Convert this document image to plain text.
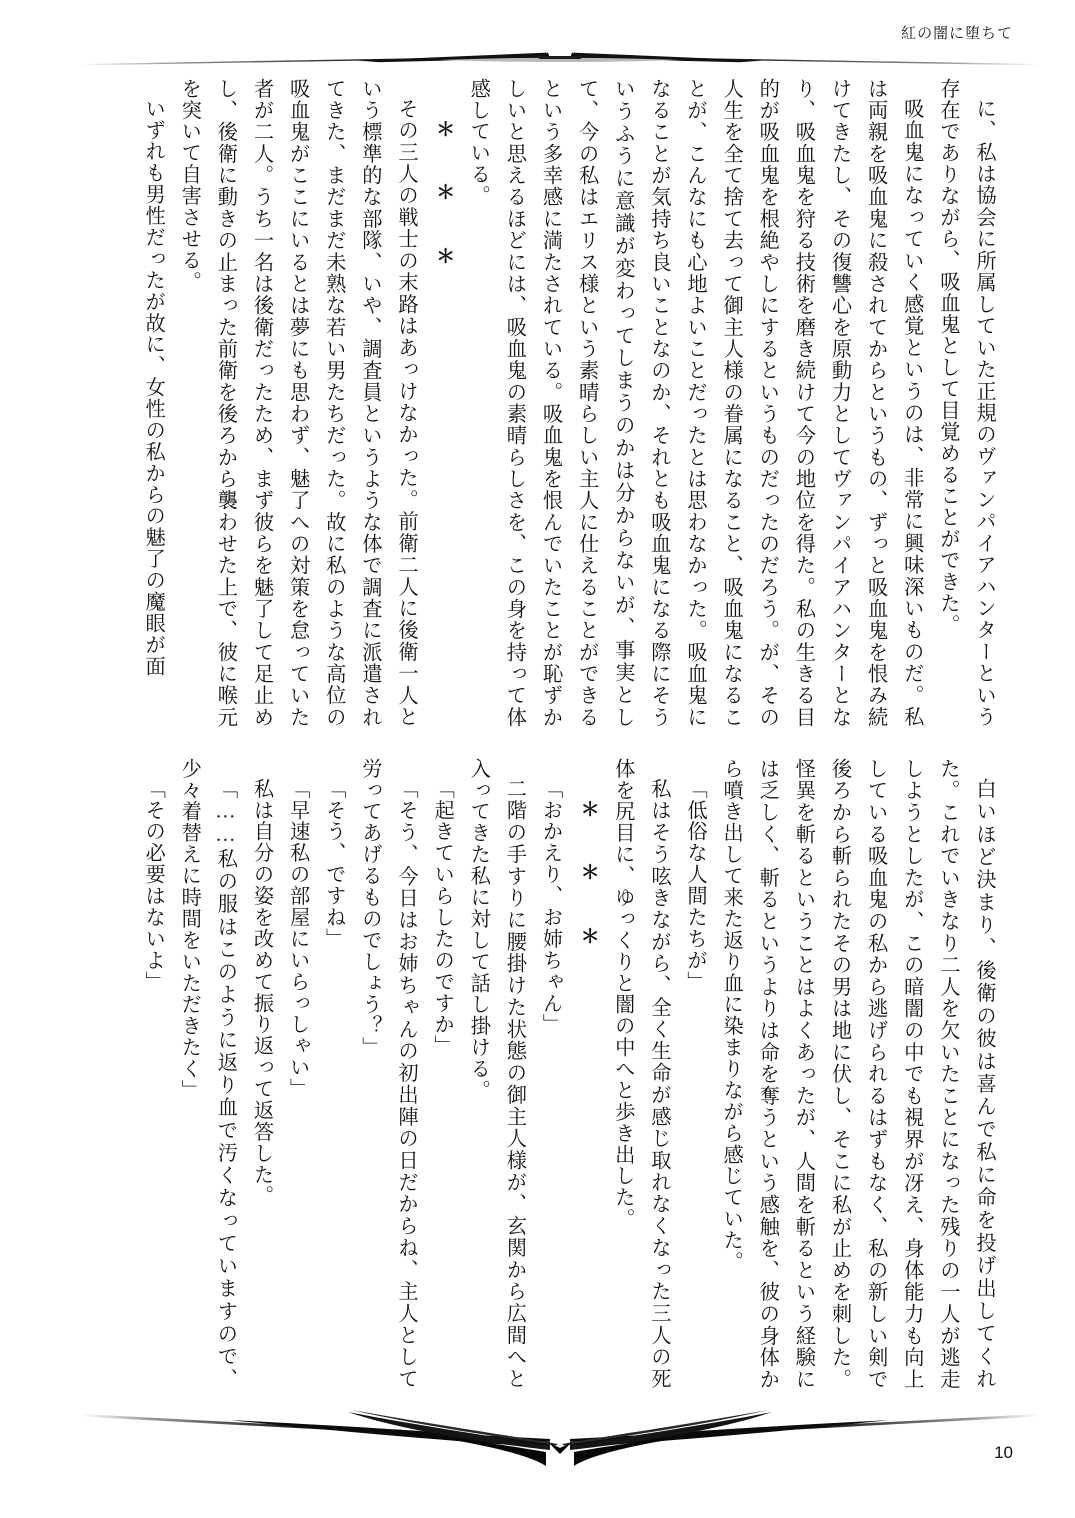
紅の闇に堕ちて

に、私は協会に所属していた正規のヴァンパイアハンターという存在でありながら、吸血鬼として目覚めることができた。

吸血鬼になっていく感覚というのは、非常に興味深いものだ。私は両親を吸血鬼に殺されてからというもの、ずっと吸血鬼を恨み続けてきたし、その復讐心を原動力としてヴァンパイアハンターとなり、吸血鬼を狩る技術を磨き続けて今の地位を得た。私の生きる目的が吸血鬼を根絶やしにするというものだったのだろう。が、その人生を全て捨て去って御主人様の眷属になること、吸血鬼になることが、こんなにも心地よいことだったとは思わなかった。吸血鬼になることが気持ち良いことなのか、それとも吸血鬼になる際にそういうふうに意識が変わってしまうのかは分からないが、事実として、今の私はエリス様という素晴らしい主人に仕えることができるという多幸感に満たされている。吸血鬼を恨んでいたことが恥ずかしいと思えるほどには、吸血鬼の素晴らしさを、この身を持って体感している。

＊ ＊ ＊

その三人の戦士の末路はあっけなかった。前衛二人に後衛一人という標準的な部隊、いや、調査員というような体で調査に派遣されてきた、まだまだ未熟な若い男たちだった。故に私のような高位の吸血鬼がここにいるとは夢にも思わず、魅了への対策を怠っていた者が二人。うち一名は後衛だったため、まず彼らを魅了して足止めし、後衛に動きの止まった前衛を後ろから襲わせた上で、彼に喉元を突いて自害させる。

いずれも男性だったが故に、女性の私からの魅了の魔眼が面

白いほど決まり、後衛の彼は喜んで私に命を投げ出してくれた。これでいきなり二人を欠いたことになった残りの一人が逃走しようとしたが、この暗闇の中でも視界が冴え、身体能力も向上している吸血鬼の私から逃げられるはずもなく、私の新しい剣で後ろから斬られたその男は地に伏し、そこに私が止めを刺した。怪異を斬るということはよくあったが、人間を斬るという経験には乏しく、斬るというよりは命を奪うという感触を、彼の身体から噴き出して来た返り血に染まりながら感じていた。

「低俗な人間たちが」

私はそう呟きながら、全く生命が感じ取れなくなった三人の死体を尻目に、ゆっくりと闇の中へと歩き出した。

＊ ＊ ＊

「おかえり、お姉ちゃん」

二階の手すりに腰掛けた状態の御主人様が、玄関から広間へと入ってきた私に対して話し掛ける。

「起きていらしたのですか」

「そう、今日はお姉ちゃんの初出陣の日だからね、主人として労ってあげるものでしょう？」

「そう、ですね」

「早速私の部屋にいらっしゃい」

私は自分の姿を改めて振り返って返答した。

「……私の服はこのように返り血で汚くなっていますので、少々着替えに時間をいただきたく」

「その必要はないよ」

10
